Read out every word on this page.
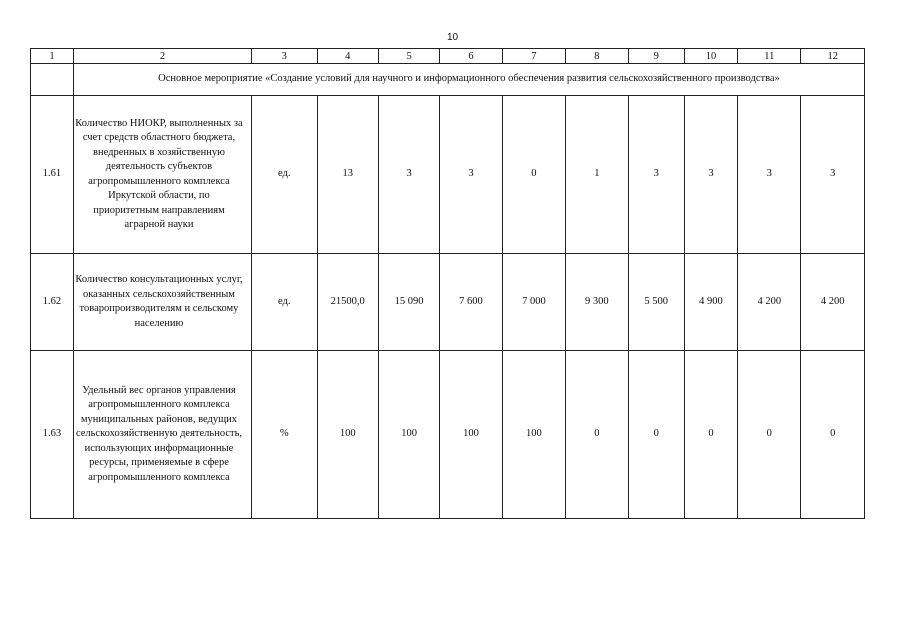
10
1	2	3	4	5	6	7	8	9	10	11	12
	Основное мероприятие «Создание условий для научного и информационного обеспечения развития сельскохозяйственного производства»										
1.61	Количество НИОКР, выполненных за счет средств областного бюджета, внедренных в хозяйственную деятельность субъектов агропромышленного комплекса Иркутской области, по приоритетным направлениям аграрной науки	ед.	13	3	3	0	1	3	3	3	3
1.62	Количество консультационных услуг, оказанных сельскохозяйственным товаропроизводителям и сельскому населению	ед.	21500,0	15 090	7 600	7 000	9 300	5 500	4 900	4 200	4 200
1.63	Удельный вес органов управления агропромышленного комплекса муниципальных районов, ведущих сельскохозяйственную деятельность, использующих информационные ресурсы, применяемые в сфере агропромышленного комплекса	%	100	100	100	100	0	0	0	0	0
